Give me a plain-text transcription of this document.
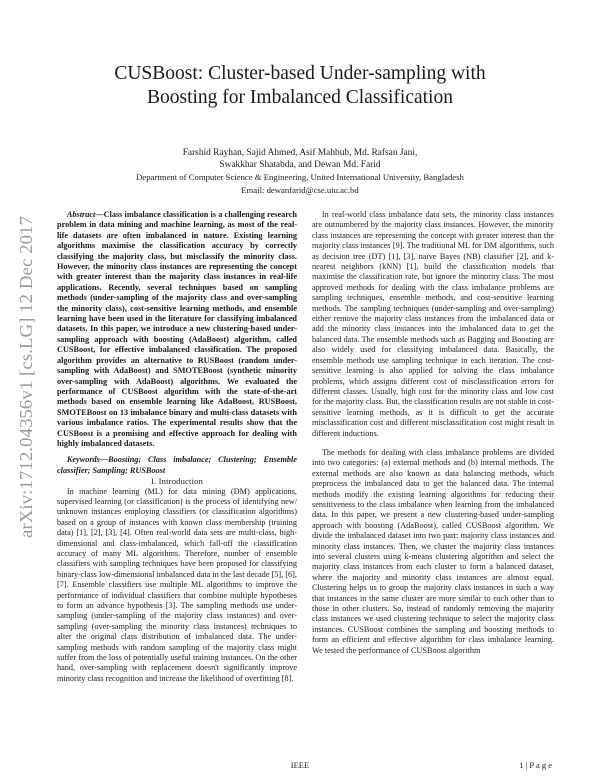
CUSBoost: Cluster-based Under-sampling with
Boosting for Imbalanced Classification
Farshid Rayhan, Sajid Ahmed, Asif Mahbub, Md. Rafsan Jani,
Swakkhar Shatabda, and Dewan Md. Farid
Department of Computer Science & Engineering, United International University, Bangladesh
Email: dewanfarid@cse.uiu.ac.bd
arXiv:1712.04356v1 [cs.LG] 12 Dec 2017

Abstract—Class imbalance classification is a challenging research problem in data mining and machine learning, as most of the real-life datasets are often imbalanced in nature. Existing learning algorithms maximise the classification accuracy by correctly classifying the majority class, but misclassify the minority class. However, the minority class instances are representing the concept with greater interest than the majority class instances in real-life applications. Recently, several techniques based on sampling methods (under-sampling of the majority class and over-sampling the minority class), cost-sensitive learning methods, and ensemble learning have been used in the literature for classifying imbalanced datasets. In this paper, we introduce a new clustering-based under-sampling approach with boosting (AdaBoost) algorithm, called CUSBoost, for effective imbalanced classification. The proposed algorithm provides an alternative to RUSBoost (random under-sampling with AdaBoost) and SMOTEBoost (synthetic minority over-sampling with AdaBoost) algorithms. We evaluated the performance of CUSBoost algorithm with the state-of-the-art methods based on ensemble learning like AdaBoost, RUSBoost, SMOTEBoost on 13 imbalance binary and multi-class datasets with various imbalance ratios. The experimental results show that the CUSBoost is a promising and effective approach for dealing with highly imbalanced datasets.

Keywords—Boosting; Class imbalance; Clustering; Ensemble classifier; Sampling; RUSBoost

I. Introduction

In machine learning (ML) for data mining (DM) applications, supervised learning (or classification) is the process of identifying new/ unknown instances employing classifiers (or classification algorithms) based on a group of instances with known class membership (training data) [1], [2], [3], [4]. Often real-world data sets are multi-class, high-dimensional and class-imbalanced, which fall-off the classification accuracy of many ML algorithms. Therefore, number of ensemble classifiers with sampling techniques have been proposed for classifying binary-class low-dimensional imbalanced data in the last decade [5], [6], [7]. Ensemble classifiers use multiple ML algorithms to improve the performance of individual classifiers that combine multiple hypotheses to form an advance hypothesis [3]. The sampling methods use under-sampling (under-sampling of the majority class instances) and over-sampling (over-sampling the minority class instances) techniques to alter the original class distribution of imbalanced data. The under-sampling methods with random sampling of the majority class might suffer from the loss of potentially useful training instances. On the other hand, over-sampling with replacement doesn't significantly improve minority class recognition and increase the likelihood of overfitting [8].

In real-world class imbalance data sets, the minority class instances are outnumbered by the majority class instances. However, the minority class instances are representing the concept with greater interest than the majority class instances [9]. The traditional ML for DM algorithms, such as decision tree (DT) [1], [3], naïve Bayes (NB) classifier [2], and k-nearest neighbors (kNN) [1], build the classification models that maximise the classification rate, but ignore the minority class. The most approved methods for dealing with the class imbalance problems are sampling techniques, ensemble methods, and cost-sensitive learning methods. The sampling techniques (under-sampling and over-sampling) either remove the majority class instances from the imbalanced data or add the minority class instances into the imbalanced data to get the balanced data. The ensemble methods such as Bagging and Boosting are also widely used for classifying imbalanced data. Basically, the ensemble methods use sampling technique in each iteration. The cost-sensitive learning is also applied for solving the class imbalance problems, which assigns different cost of misclassification errors for different classes. Usually, high cost for the minority class and low cost for the majority class. But, the classification results are not stable in cost-sensitive learning methods, as it is difficult to get the accurate misclassification cost and different misclassification cost might result in different inductions.

The methods for dealing with class imbalance problems are divided into two categories: (a) external methods and (b) internal methods. The external methods are also known as data balancing methods, which preprocess the imbalanced data to get the balanced data. The internal methods modify the existing learning algorithms for reducing their sensitiveness to the class imbalance when learning from the imbalanced data. In this paper, we present a new clustering-based under-sampling approach with boosting (AdaBoost), called CUSBoost algorithm. We divide the imbalanced dataset into two part: majority class instances and minority class instances. Then, we cluster the majority class instances into several clusters using k-means clustering algorithm and select the majority class instances from each cluster to form a balanced dataset, where the majority and minority class instances are almost equal. Clustering helps us to group the majority class instances in such a way that instances in the same cluster are more similar to each other than to those in other clusters. So, instead of randomly removing the majority class instances we used clustering technique to select the majority class instances. CUSBoost combines the sampling and boosting methods to form an efficient and effective algorithm for class imbalance learning. We tested the performance of CUSBoost algorithm

IEEE	1 | P a g e
